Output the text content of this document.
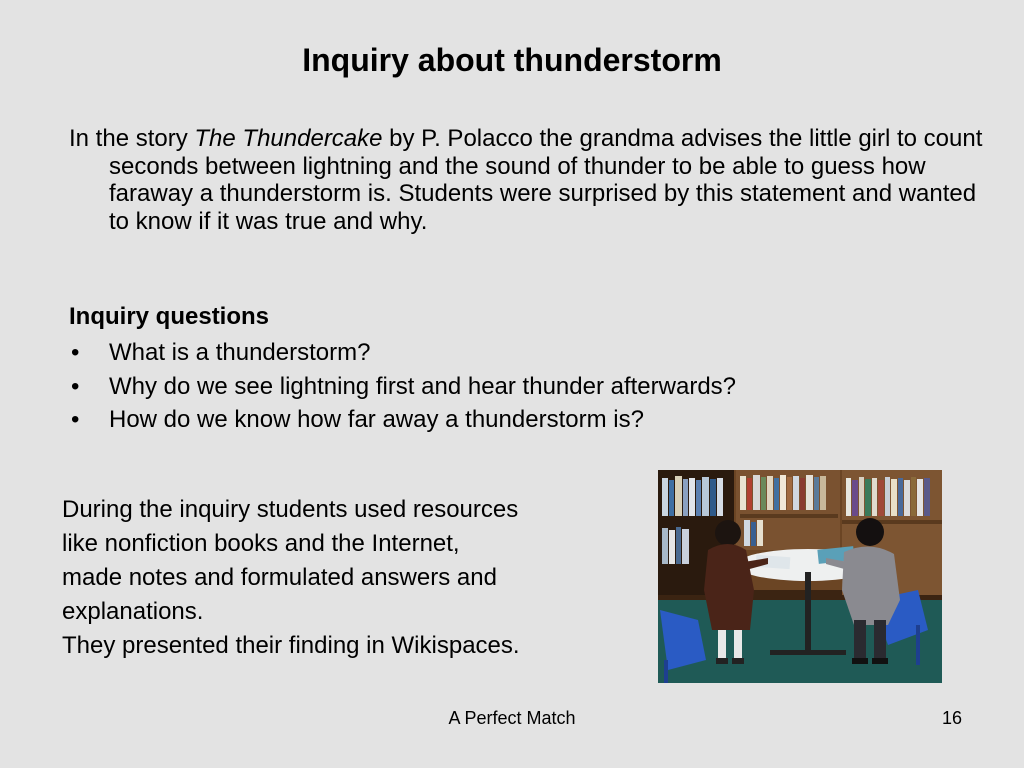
Inquiry about thunderstorm
In the story The Thundercake by P. Polacco the grandma advises the little girl to count seconds between lightning and the sound of thunder to be able to guess how faraway a thunderstorm is. Students were surprised by this statement and wanted to know if it was true and why.
Inquiry questions
• What is a thunderstorm?
• Why do we see lightning first and hear thunder afterwards?
• How do we know how far away a thunderstorm is?
During the inquiry students used resources
like nonfiction books and the Internet,
made notes and formulated answers and
explanations.
They presented their finding in Wikispaces.
A Perfect Match	16
